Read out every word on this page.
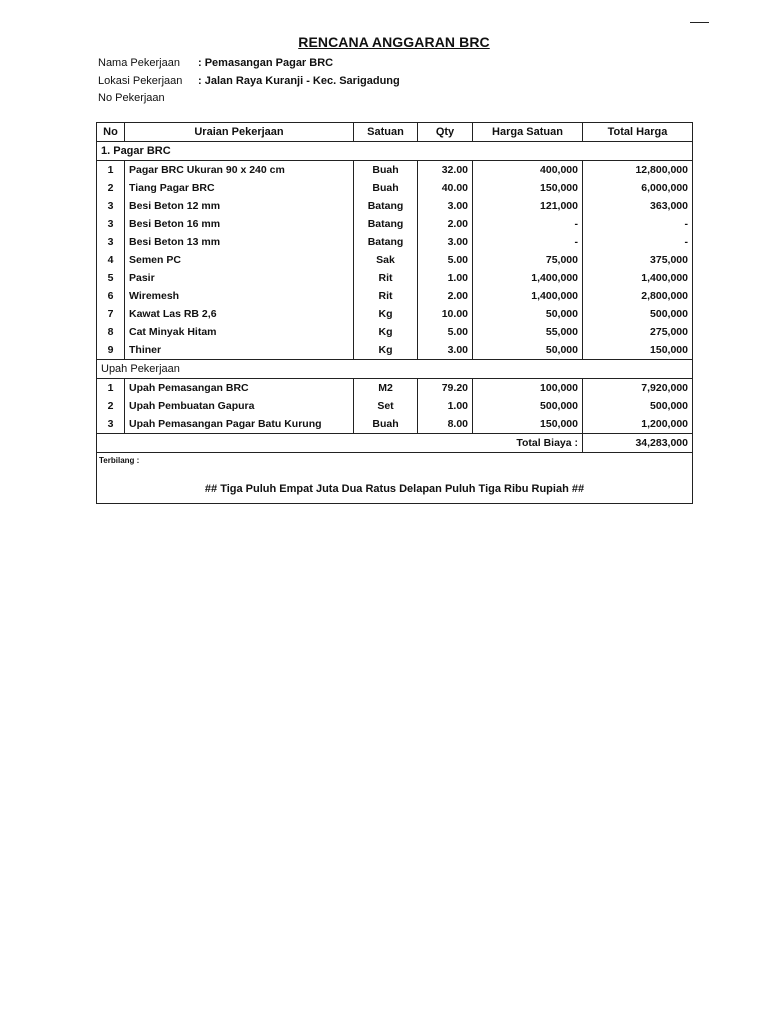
RENCANA ANGGARAN BRC
Nama Pekerjaan : Pemasangan Pagar BRC
Lokasi Pekerjaan : Jalan Raya Kuranji - Kec. Sarigadung
No Pekerjaan
No	Uraian Pekerjaan	Satuan	Qty	Harga Satuan	Total Harga
1. Pagar BRC					
1	Pagar BRC Ukuran 90 x 240 cm	Buah	32.00	400,000	12,800,000
2	Tiang Pagar BRC	Buah	40.00	150,000	6,000,000
3	Besi Beton 12 mm	Batang	3.00	121,000	363,000
3	Besi Beton 16 mm	Batang	2.00	-	-
3	Besi Beton 13 mm	Batang	3.00	-	-
4	Semen PC	Sak	5.00	75,000	375,000
5	Pasir	Rit	1.00	1,400,000	1,400,000
6	Wiremesh	Rit	2.00	1,400,000	2,800,000
7	Kawat Las RB 2,6	Kg	10.00	50,000	500,000
8	Cat Minyak Hitam	Kg	5.00	55,000	275,000
9	Thiner	Kg	3.00	50,000	150,000
Upah Pekerjaan					
1	Upah Pemasangan BRC	M2	79.20	100,000	7,920,000
2	Upah Pembuatan Gapura	Set	1.00	500,000	500,000
3	Upah Pemasangan Pagar Batu Kurung	Buah	8.00	150,000	1,200,000
Total Biaya :					34,283,000

Terbilang :
## Tiga Puluh Empat Juta Dua Ratus Delapan Puluh Tiga Ribu Rupiah ##					
